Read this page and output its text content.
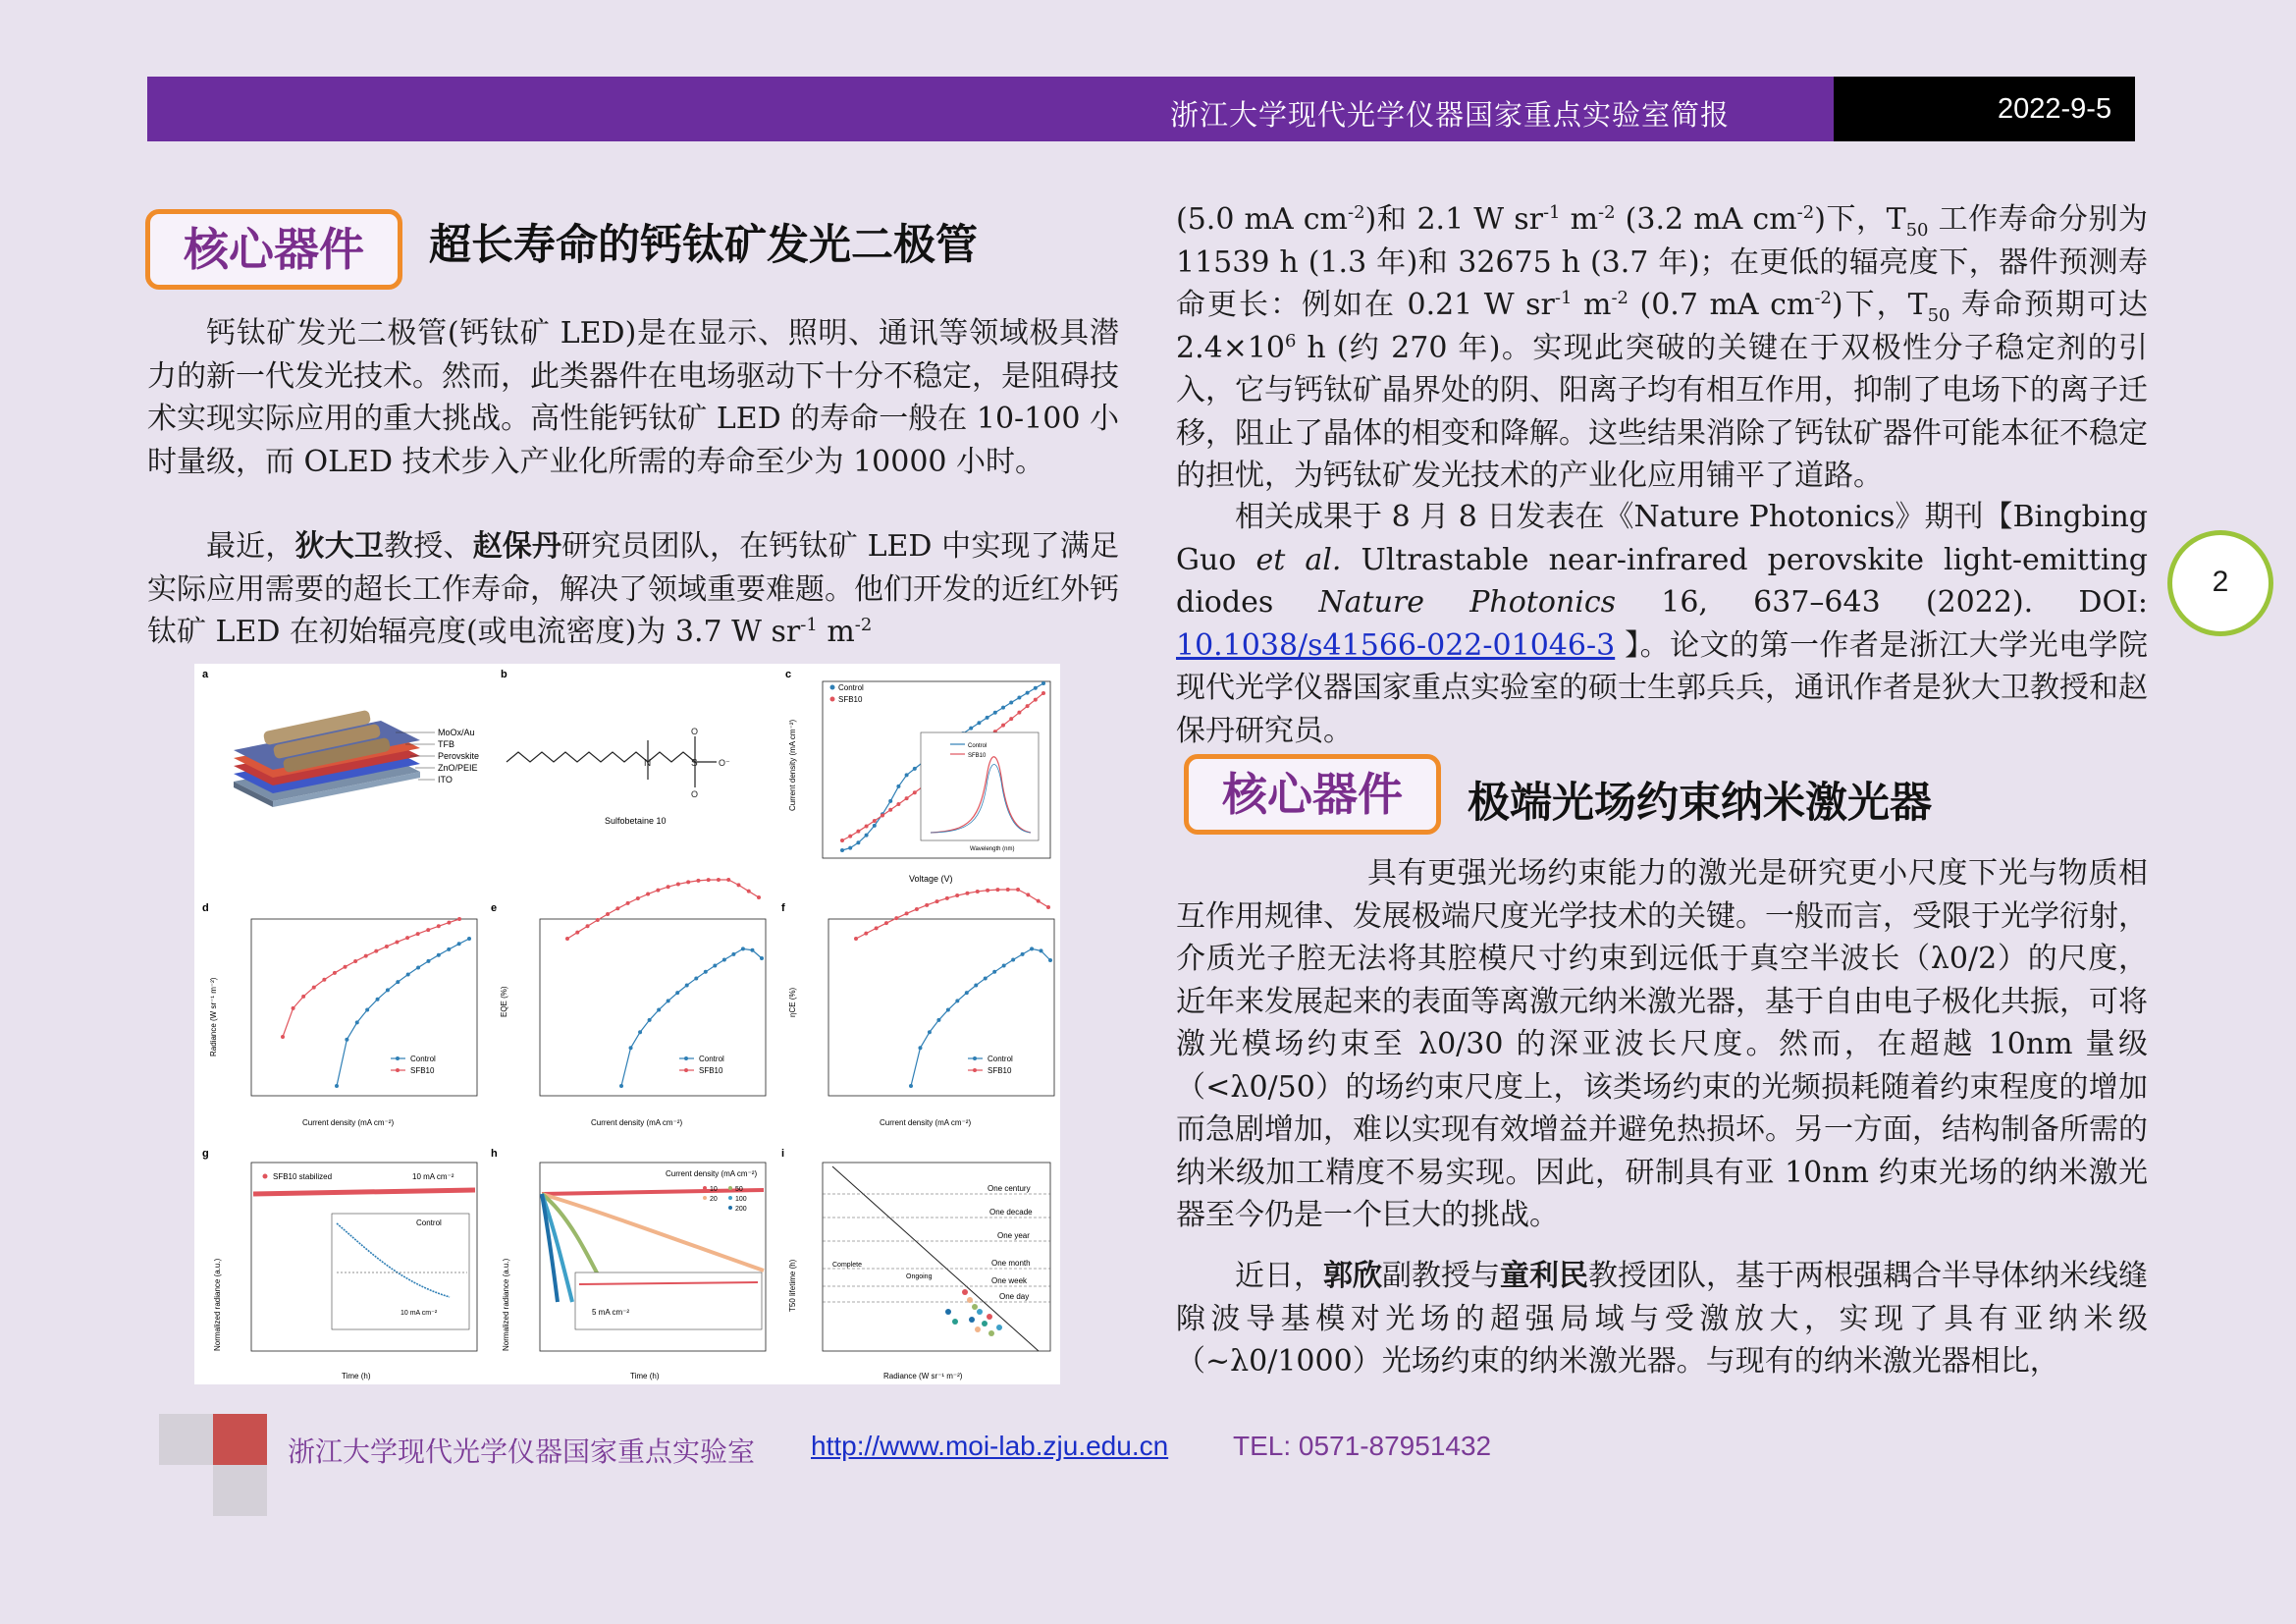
浙江大学现代光学仪器国家重点实验室简报	2022-9-5
核心器件	超长寿命的钙钛矿发光二极管
钙钛矿发光二极管(钙钛矿 LED)是在显示、照明、通讯等领域极具潜力的新一代发光技术。然而，此类器件在电场驱动下十分不稳定，是阻碍技术实现实际应用的重大挑战。高性能钙钛矿 LED 的寿命一般在 10-100 小时量级，而 OLED 技术步入产业化所需的寿命至少为 10000 小时。
最近，狄大卫教授、赵保丹研究员团队，在钙钛矿 LED 中实现了满足实际应用需要的超长工作寿命，解决了领域重要难题。他们开发的近红外钙钛矿 LED 在初始辐亮度(或电流密度)为 3.7 W $sr^{-1}$ $m^{-2}$
(5.0 mA $cm^{-2}$)和 2.1 W $sr^{-1}$ $m^{-2}$ (3.2 mA $cm^{-2}$)下，$T_{50}$ 工作寿命分别为 11539 h (1.3 年)和 32675 h (3.7 年)；在更低的辐亮度下，器件预测寿命更长：例如在 0.21 W $sr^{-1}$ $m^{-2}$ (0.7 mA $cm^{-2}$)下，$T_{50}$ 寿命预期可达 $2.4\times 10^6$ h (约 270 年)。实现此突破的关键在于双极性分子稳定剂的引入，它与钙钛矿晶界处的阴、阳离子均有相互作用，抑制了电场下的离子迁移，阻止了晶体的相变和降解。这些结果消除了钙钛矿器件可能本征不稳定的担忧，为钙钛矿发光技术的产业化应用铺平了道路。
相关成果于 8 月 8 日发表在《Nature Photonics》期刊【Bingbing Guo et al. Ultrastable near-infrared perovskite light-emitting diodes Nature Photonics 16, 637–643 (2022). DOI: 10.1038/s41566-022-01046-3 】。论文的第一作者是浙江大学光电学院现代光学仪器国家重点实验室的硕士生郭兵兵，通讯作者是狄大卫教授和赵保丹研究员。
2
核心器件	极端光场约束纳米激光器
具有更强光场约束能力的激光是研究更小尺度下光与物质相互作用规律、发展极端尺度光学技术的关键。一般而言，受限于光学衍射，介质光子腔无法将其腔模尺寸约束到远低于真空半波长（λ0/2）的尺度，近年来发展起来的表面等离激元纳米激光器，基于自由电子极化共振，可将激光模场约束至 λ0/30 的深亚波长尺度。然而，在超越 10nm 量级（<λ0/50）的场约束尺度上，该类场约束的光频损耗随着约束程度的增加而急剧增加，难以实现有效增益并避免热损坏。另一方面，结构制备所需的纳米级加工精度不易实现。因此，研制具有亚 10nm 约束光场的纳米激光器至今仍是一个巨大的挑战。
近日，郭欣副教授与童利民教授团队，基于两根强耦合半导体纳米线缝隙波导基模对光场的超强局域与受激放大，实现了具有亚纳米级（~λ0/1000）光场约束的纳米激光器。与现有的纳米激光器相比，
a	b	c
d	e	f
g	h	i
MoOx/Au
TFB
Perovskite
ZnO/PEIE
ITO
N	S
O
O
O⁻
Sulfobetaine 10
Wavelength (nm)
Control
SFB10
Control
SFB10
Voltage (V)
Current density (mA cm⁻²)
Control
SFB10
Current density (mA cm⁻²)
Radiance (W sr⁻¹ m⁻²)
Control
SFB10
Current density (mA cm⁻²)
EQE (%)
Control
SFB10
Current density (mA cm⁻²)
ηCE (%)
SFB10 stabilized	10 mA cm⁻²
Control
10 mA cm⁻²
Time (h)
Normalized radiance (a.u.)
Current density (mA cm⁻²)
10
20
50
100
200
5 mA cm⁻²
Time (h)
Normalized radiance (a.u.)
One century
One decade
One year
One month
One week
One day
Complete
Ongoing
Radiance (W sr⁻¹ m⁻²)
T50 lifetime (h)
浙江大学现代光学仪器国家重点实验室 http://www.moi-lab.zju.edu.cn TEL: 0571-87951432
